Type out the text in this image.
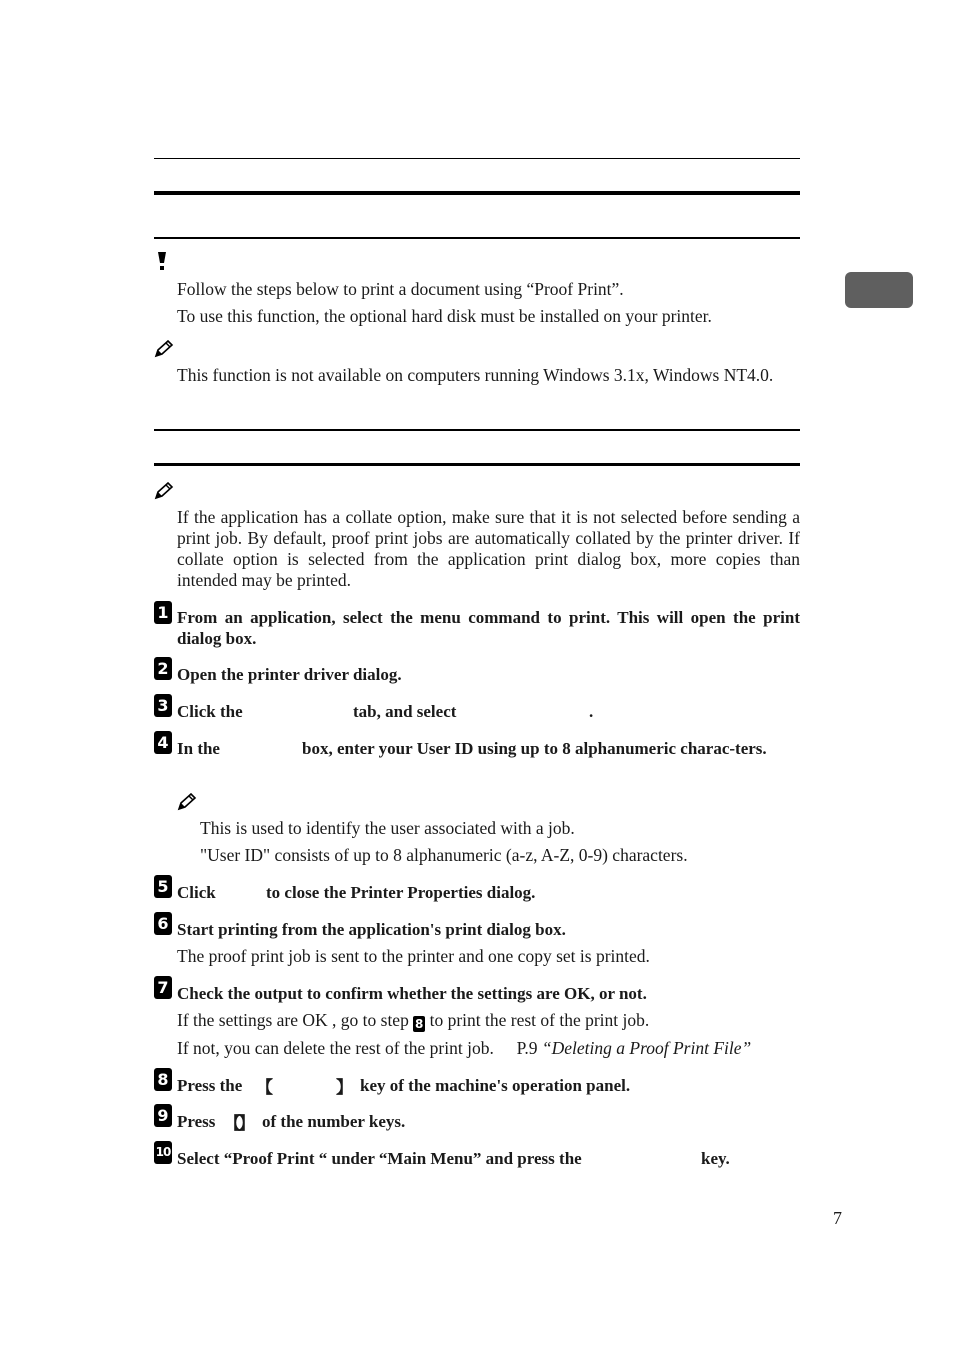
Follow the steps below to print a document using “Proof Print”.
To use this function, the optional hard disk must be installed on your printer.
This function is not available on computers running Windows 3.1x, Windows NT4.0.
If the application has a collate option, make sure that it is not selected before sending a print job. By default, proof print jobs are automatically collated by the printer driver. If collate option is selected from the application print dialog box, more copies than intended may be printed.
1 From an application, select the menu command to print. This will open the print dialog box.
2 Open the printer driver dialog.
3 Click the	tab, and select	.
4 In the	box, enter your User ID using up to 8 alphanumeric charac-ters.
This is used to identify the user associated with a job.
"User ID" consists of up to 8 alphanumeric (a-z, A-Z, 0-9) characters.
5 Click	to close the Printer Properties dialog.
6 Start printing from the application's print dialog box.
The proof print job is sent to the printer and one copy set is printed.
7 Check the output to confirm whether the settings are OK, or not.
If the settings are OK , go to step 8 to print the rest of the print job.
If not, you can delete the rest of the print job. P.9 “Deleting a Proof Print File”
8 Press the 【	】 key of the machine's operation panel.
9 Press 【
】 of the number keys.
10 Select “Proof Print “ under “Main Menu” and press the	key.
7
